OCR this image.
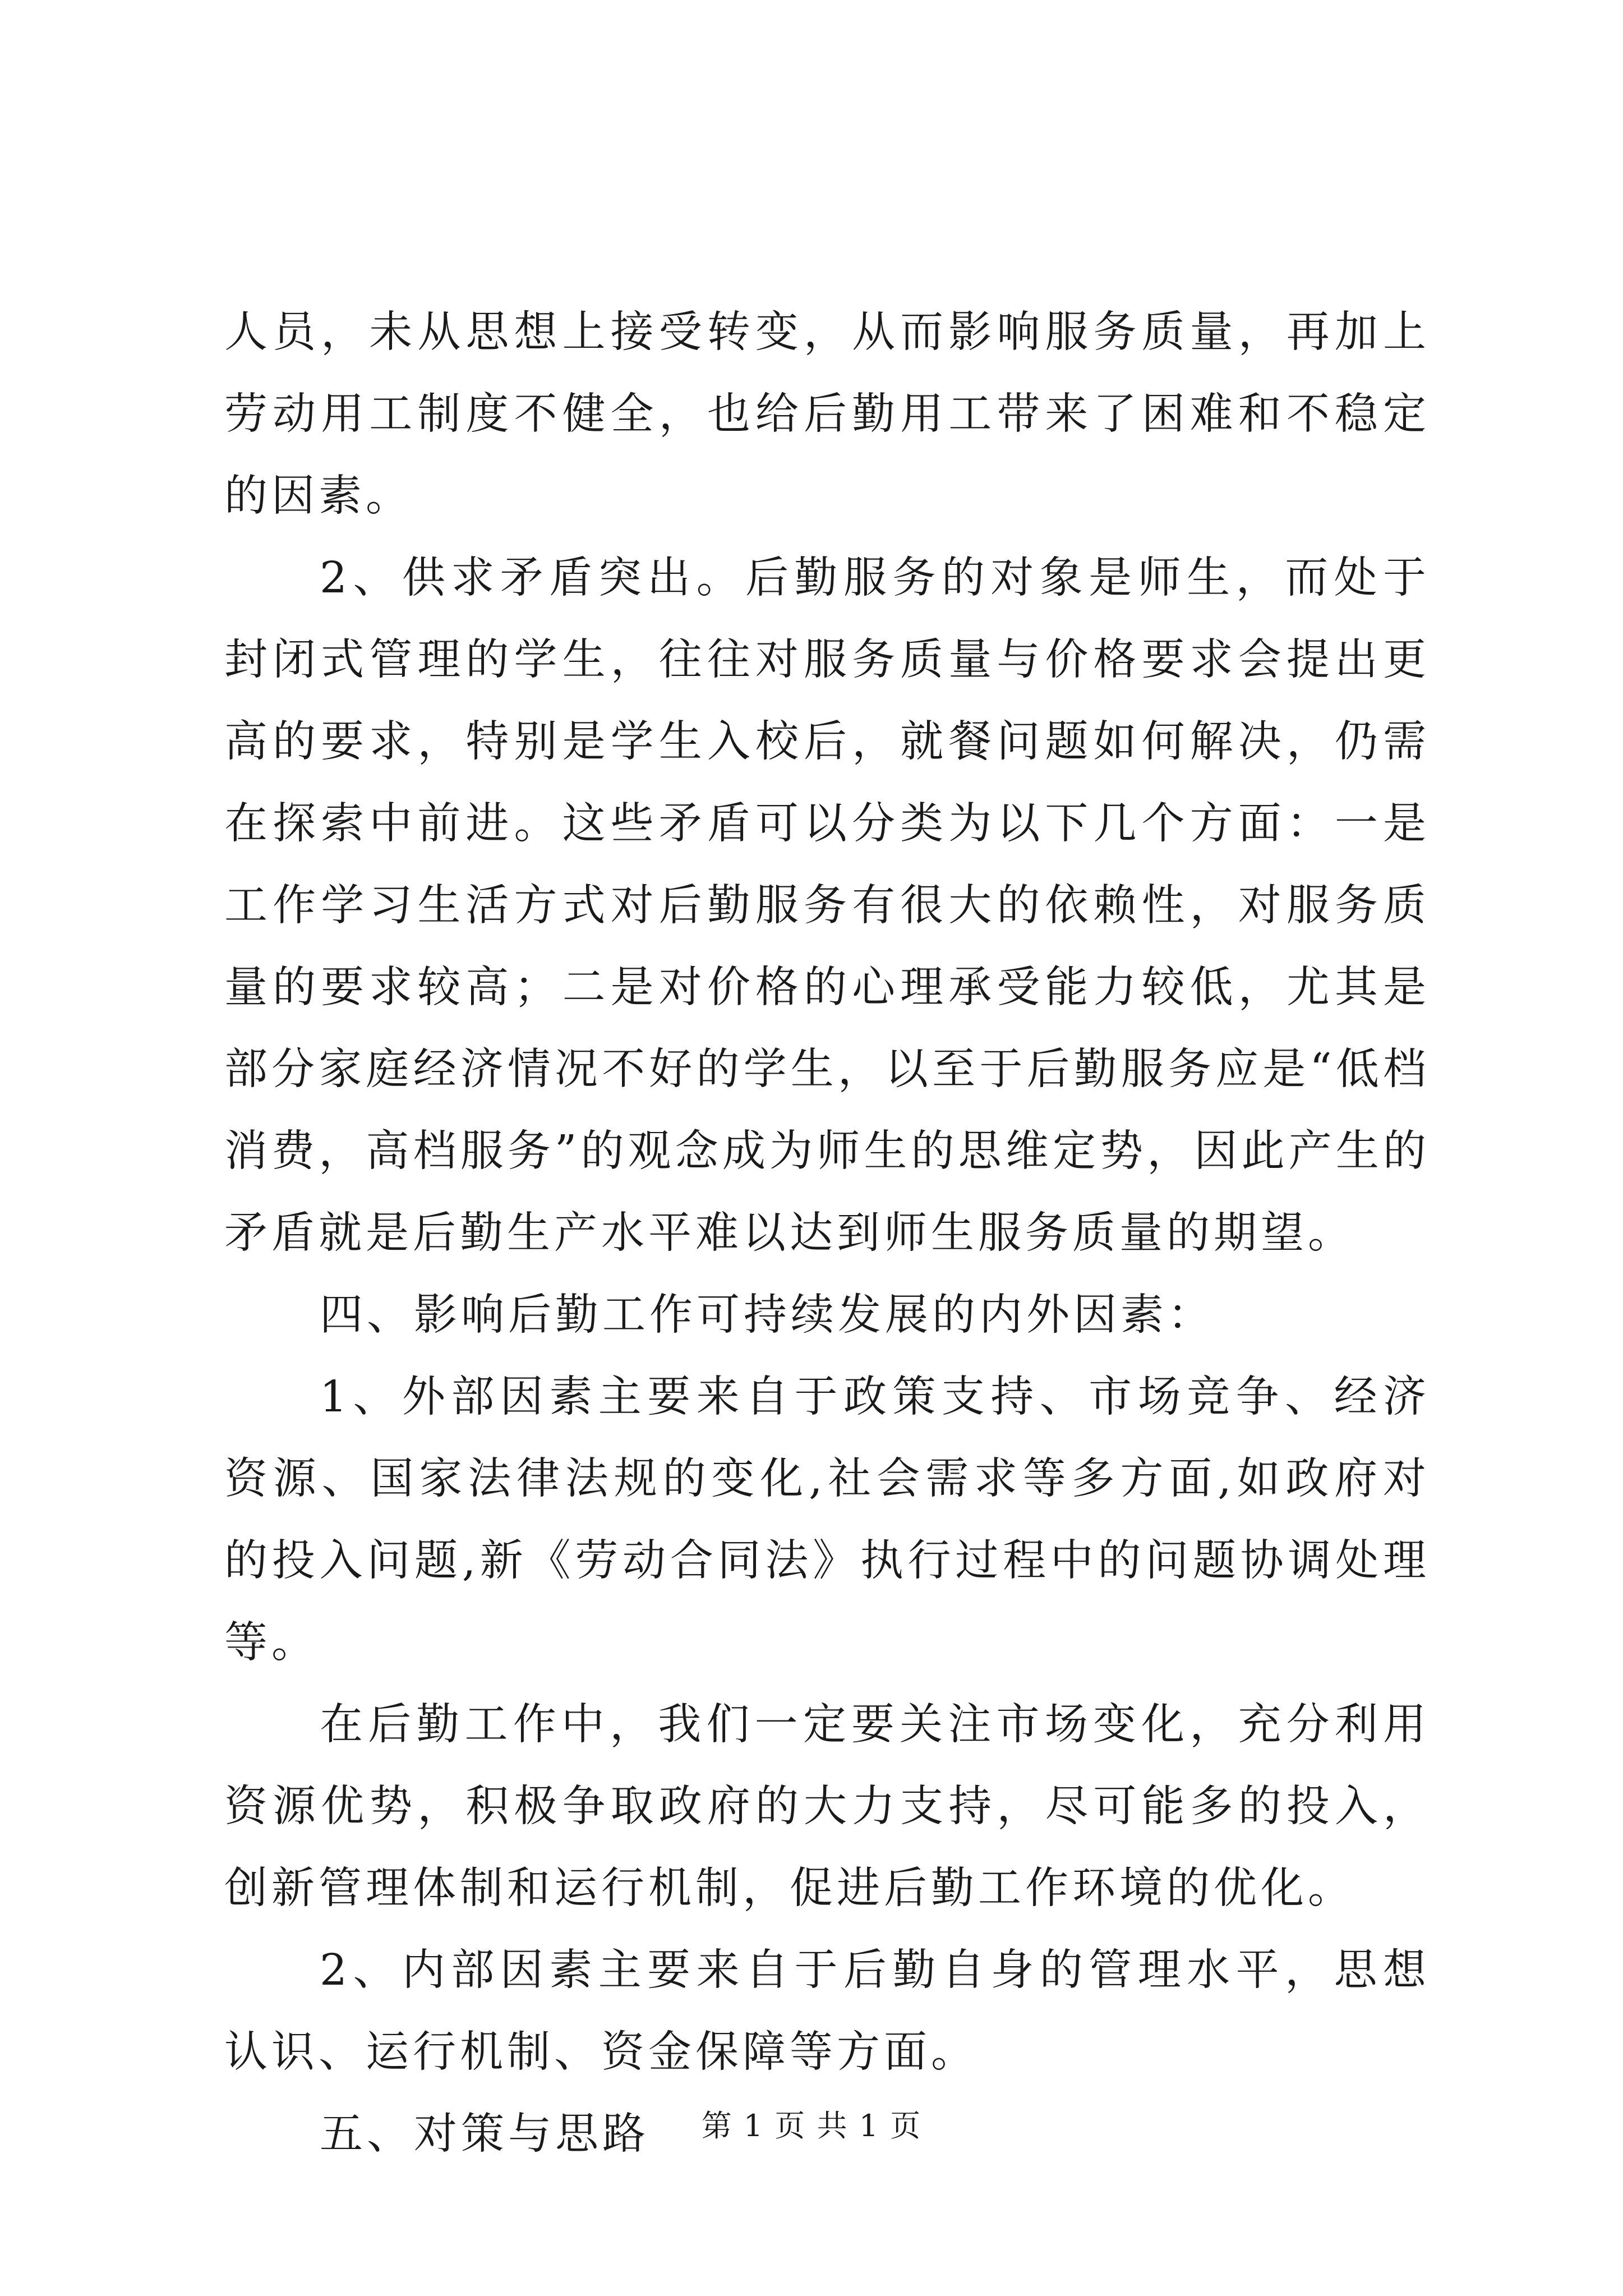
人员，未从思想上接受转变，从而影响服务质量，再加上劳动用工制度不健全，也给后勤用工带来了困难和不稳定的因素。

2、供求矛盾突出。后勤服务的对象是师生，而处于封闭式管理的学生，往往对服务质量与价格要求会提出更高的要求，特别是学生入校后，就餐问题如何解决，仍需在探索中前进。这些矛盾可以分类为以下几个方面：一是工作学习生活方式对后勤服务有很大的依赖性，对服务质量的要求较高；二是对价格的心理承受能力较低，尤其是部分家庭经济情况不好的学生，以至于后勤服务应是“低档消费，高档服务”的观念成为师生的思维定势，因此产生的矛盾就是后勤生产水平难以达到师生服务质量的期望。

四、影响后勤工作可持续发展的内外因素：

1、外部因素主要来自于政策支持、市场竞争、经济资源、国家法律法规的变化,社会需求等多方面,如政府对的投入问题,新《劳动合同法》执行过程中的问题协调处理等。

在后勤工作中，我们一定要关注市场变化，充分利用资源优势，积极争取政府的大力支持，尽可能多的投入，创新管理体制和运行机制，促进后勤工作环境的优化。

2、内部因素主要来自于后勤自身的管理水平，思想认识、运行机制、资金保障等方面。

五、对策与思路	第 1 页 共 1 页
